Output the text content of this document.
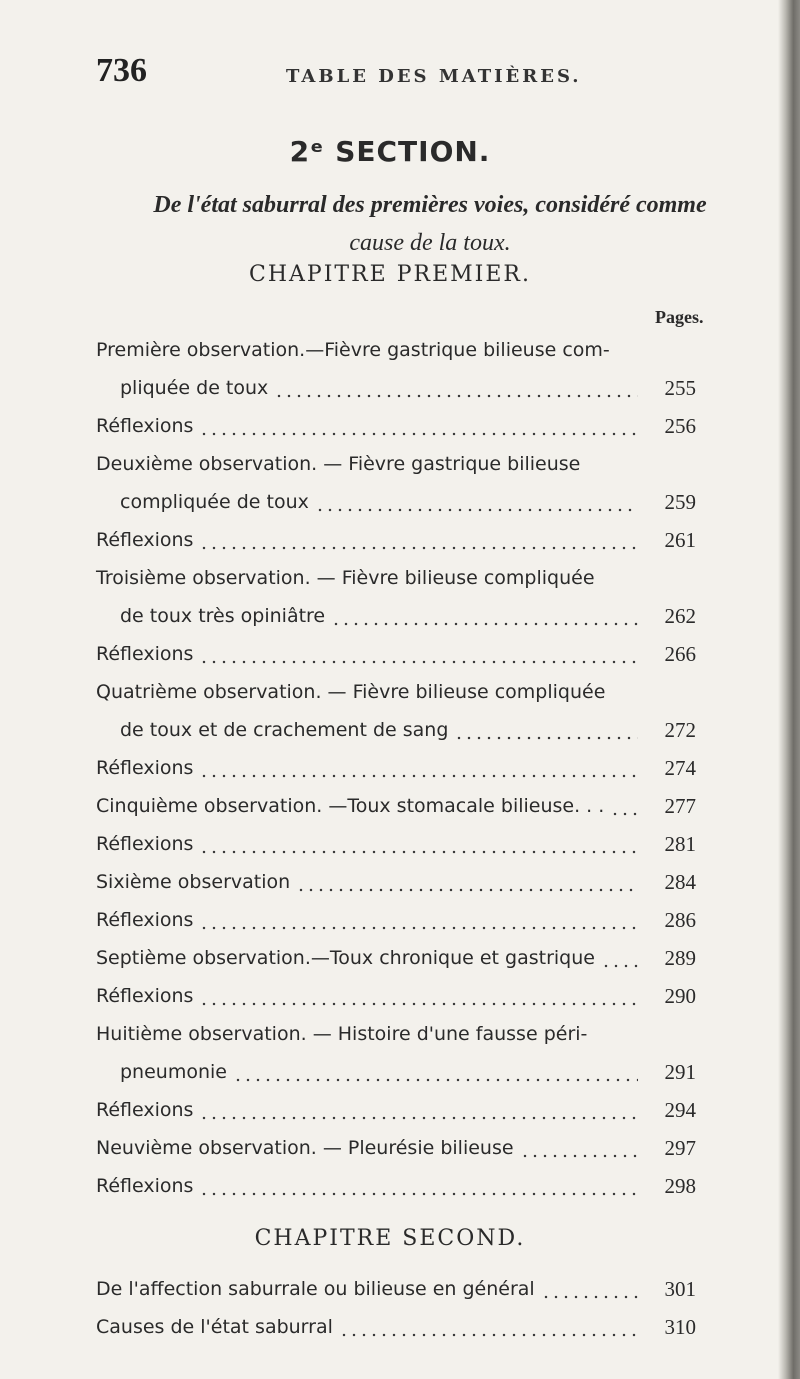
736	TABLE DES MATIÈRES.
2ᵉ SECTION.
De l'état saburral des premières voies, considéré comme
cause de la toux.
CHAPITRE PREMIER.
Pages.
Première observation.—Fièvre gastrique bilieuse com-
pliquée de toux	255
Réflexions	256
Deuxième observation. — Fièvre gastrique bilieuse
compliquée de toux	259
Réflexions	261
Troisième observation. — Fièvre bilieuse compliquée
de toux très opiniâtre	262
Réflexions	266
Quatrième observation. — Fièvre bilieuse compliquée
de toux et de crachement de sang	272
Réflexions	274
Cinquième observation. —Toux stomacale bilieuse. . .	277
Réflexions	281
Sixième observation	284
Réflexions	286
Septième observation.—Toux chronique et gastrique	289
Réflexions	290
Huitième observation. — Histoire d'une fausse péri-
pneumonie	291
Réflexions	294
Neuvième observation. — Pleurésie bilieuse	297
Réflexions	298
CHAPITRE SECOND.
De l'affection saburrale ou bilieuse en général	301
Causes de l'état saburral	310
